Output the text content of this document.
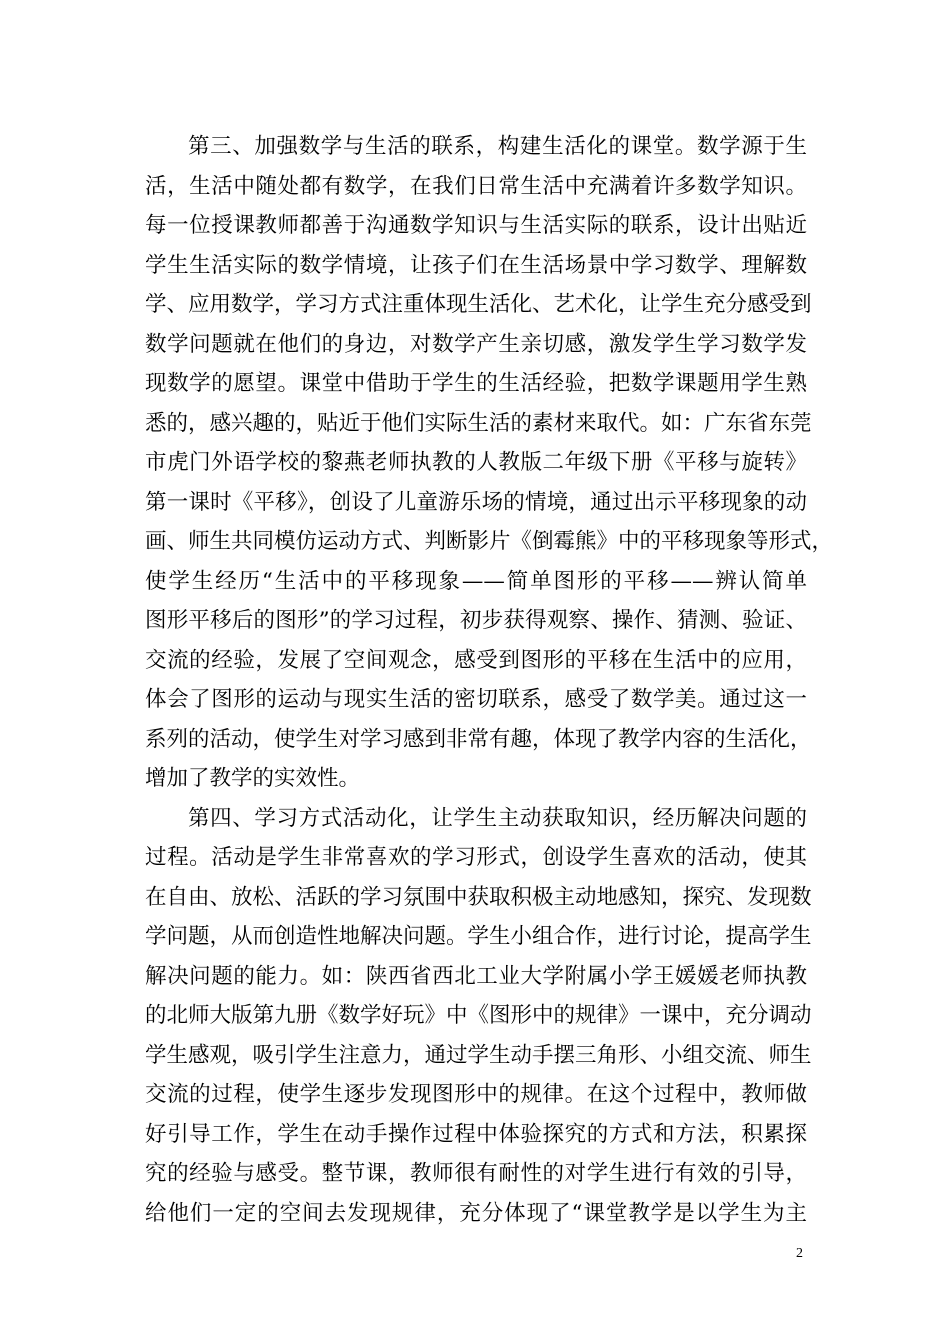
第三、加强数学与生活的联系，构建生活化的课堂。数学源于生
活，生活中随处都有数学，在我们日常生活中充满着许多数学知识。
每一位授课教师都善于沟通数学知识与生活实际的联系，设计出贴近
学生生活实际的数学情境，让孩子们在生活场景中学习数学、理解数
学、应用数学，学习方式注重体现生活化、艺术化，让学生充分感受到
数学问题就在他们的身边，对数学产生亲切感，激发学生学习数学发
现数学的愿望。课堂中借助于学生的生活经验，把数学课题用学生熟
悉的，感兴趣的，贴近于他们实际生活的素材来取代。如：广东省东莞
市虎门外语学校的黎燕老师执教的人教版二年级下册《平移与旋转》
第一课时《平移》，创设了儿童游乐场的情境，通过出示平移现象的动
画、师生共同模仿运动方式、判断影片《倒霉熊》中的平移现象等形式，
使学生经历“生活中的平移现象——简单图形的平移——辨认简单
图形平移后的图形”的学习过程，初步获得观察、操作、猜测、验证、
交流的经验，发展了空间观念，感受到图形的平移在生活中的应用，
体会了图形的运动与现实生活的密切联系，感受了数学美。通过这一
系列的活动，使学生对学习感到非常有趣，体现了教学内容的生活化，
增加了教学的实效性。
第四、学习方式活动化，让学生主动获取知识，经历解决问题的
过程。活动是学生非常喜欢的学习形式，创设学生喜欢的活动，使其
在自由、放松、活跃的学习氛围中获取积极主动地感知，探究、发现数
学问题，从而创造性地解决问题。学生小组合作，进行讨论，提高学生
解决问题的能力。如：陕西省西北工业大学附属小学王媛媛老师执教
的北师大版第九册《数学好玩》中《图形中的规律》一课中，充分调动
学生感观，吸引学生注意力，通过学生动手摆三角形、小组交流、师生
交流的过程，使学生逐步发现图形中的规律。在这个过程中，教师做
好引导工作，学生在动手操作过程中体验探究的方式和方法，积累探
究的经验与感受。整节课，教师很有耐性的对学生进行有效的引导，
给他们一定的空间去发现规律，充分体现了“课堂教学是以学生为主
2
